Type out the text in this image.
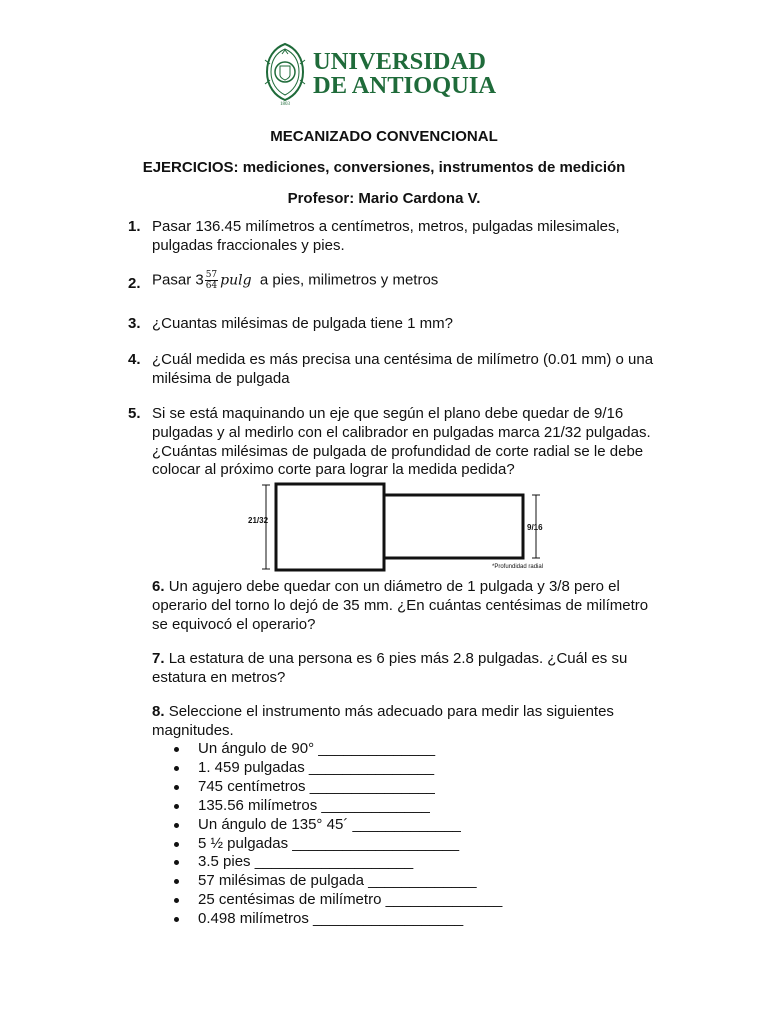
1803
UNIVERSIDAD
DE ANTIOQUIA
MECANIZADO CONVENCIONAL
EJERCICIOS: mediciones, conversiones, instrumentos de medición
Profesor: Mario Cardona V.
1. Pasar 136.45 milímetros a centímetros, metros, pulgadas milesimales, pulgadas fraccionales y pies.
2. Pasar $3 \frac{57}{64}$ pulg a pies, milimetros y metros
3. ¿Cuantas milésimas de pulgada tiene 1 mm?
4. ¿Cuál medida es más precisa una centésima de milímetro (0.01 mm) o una milésima de pulgada
5. Si se está maquinando un eje que según el plano debe quedar de 9/16 pulgadas y al medirlo con el calibrador en pulgadas marca 21/32 pulgadas. ¿Cuántas milésimas de pulgada de profundidad de corte radial se le debe colocar al próximo corte para lograr la medida pedida?
21/32
9/16
*Profundidad radial
6. Un agujero debe quedar con un diámetro de 1 pulgada y 3/8 pero el operario del torno lo dejó de 35 mm. ¿En cuántas centésimas de milímetro se equivocó el operario?
7. La estatura de una persona es 6 pies más 2.8 pulgadas. ¿Cuál es su estatura en metros?
8. Seleccione el instrumento más adecuado para medir las siguientes magnitudes.
Un ángulo de 90° ______________
1. 459 pulgadas _______________
745 centímetros _______________
135.56 milímetros _____________
Un ángulo de 135° 45´ _____________
5 ½ pulgadas ____________________
3.5 pies ___________________
57 milésimas de pulgada _____________
25 centésimas de milímetro ______________
0.498 milímetros __________________
